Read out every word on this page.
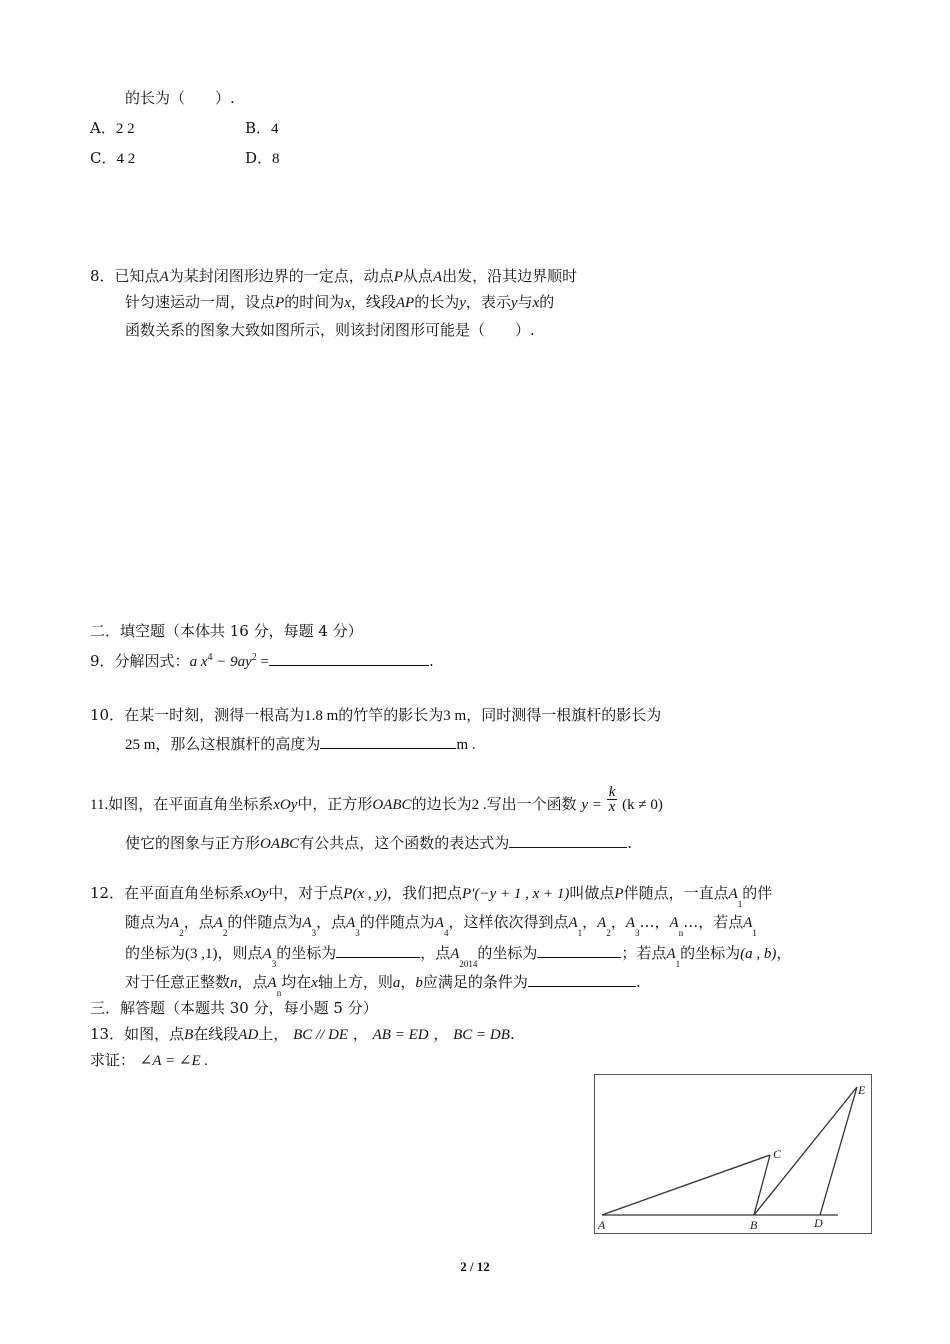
的长为（　　）.
A．2 2	B．4
C．4 2	D．8
8．已知点A为某封闭图形边界的一定点，动点P从点A出发，沿其边界顺时
针匀速运动一周，设点P的时间为x，线段AP的长为y，表示y与x的
函数关系的图象大致如图所示，则该封闭图形可能是（　　）.
二．填空题（本体共 16 分，每题 4 分）
9．分解因式：a $x^4 - 9ay^2$ =	.
10．在某一时刻，测得一根高为1.8 m的竹竿的影长为3 m，同时测得一根旗杆的影长为
25 m，那么这根旗杆的高度为	m .
11.如图，在平面直角坐标系xOy中，正方形OABC的边长为2 .写出一个函数 $y = \frac{k}{x} (k \ne 0)$
使它的图象与正方形OABC有公共点，这个函数的表达式为	.
12．在平面直角坐标系xOy中，对于点P(x , y)，我们把点P′(−y + 1 , x + 1)叫做点P伴随点，一直点$A_1$的伴
随点为$A_2$，点$A_2$的伴随点为$A_3$，点$A_3$的伴随点为$A_4$，这样依次得到点$A_1$，$A_2$，$A_3\dots$，$A_n\dots$，若点$A_1$
的坐标为(3 ,1)，则点$A_3$的坐标为	，点$A_{2014}$的坐标为	；若点$A_1$的坐标为(a , b)，
对于任意正整数n，点$A_n$均在x轴上方，则a，b应满足的条件为	.
三．解答题（本题共 30 分，每小题 5 分）
13．如图，点B在线段AD上， BC // DE ， AB = ED ， BC = DB.
求证： ∠A = ∠E .
A	B
C
D
E
2 / 12
